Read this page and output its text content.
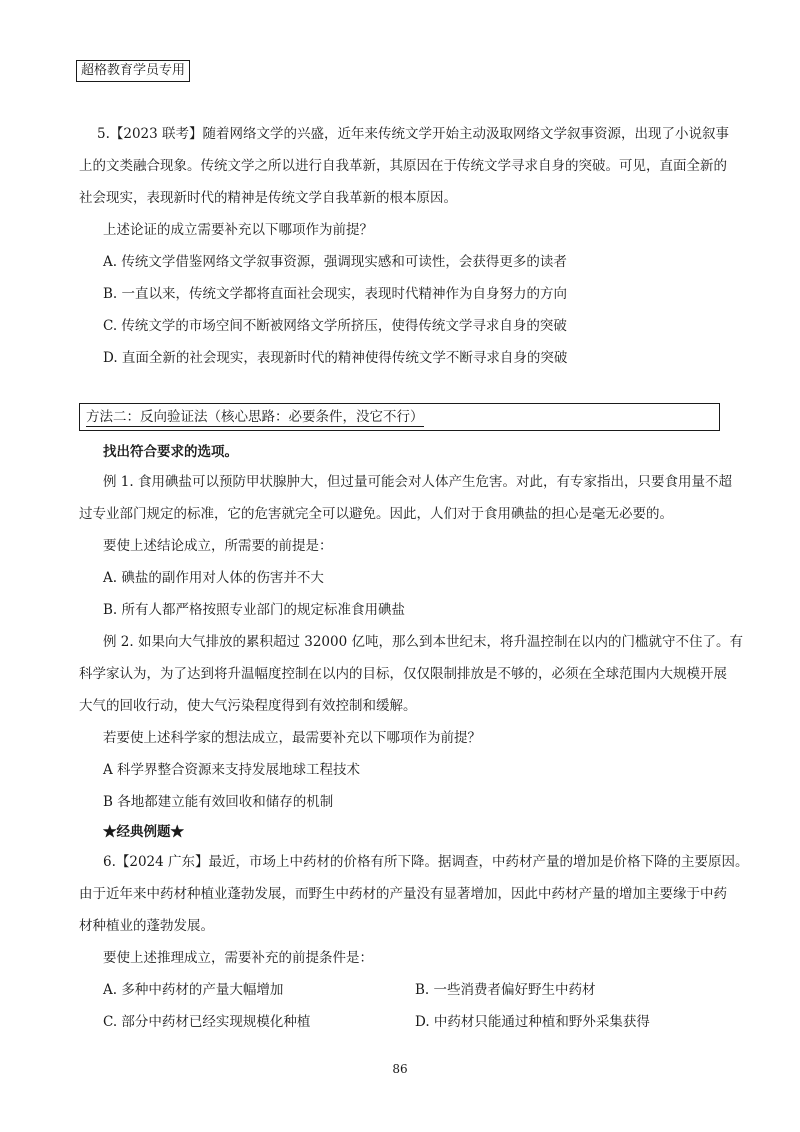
超格教育学员专用
5.【2023 联考】随着网络文学的兴盛，近年来传统文学开始主动汲取网络文学叙事资源，出现了小说叙事
上的文类融合现象。传统文学之所以进行自我革新，其原因在于传统文学寻求自身的突破。可见，直面全新的
社会现实，表现新时代的精神是传统文学自我革新的根本原因。
上述论证的成立需要补充以下哪项作为前提？
A. 传统文学借鉴网络文学叙事资源，强调现实感和可读性，会获得更多的读者
B. 一直以来，传统文学都将直面社会现实，表现时代精神作为自身努力的方向
C. 传统文学的市场空间不断被网络文学所挤压，使得传统文学寻求自身的突破
D. 直面全新的社会现实，表现新时代的精神使得传统文学不断寻求自身的突破
方法二：反向验证法（核心思路：必要条件，没它不行）
找出符合要求的选项。
例 1. 食用碘盐可以预防甲状腺肿大，但过量可能会对人体产生危害。对此，有专家指出，只要食用量不超
过专业部门规定的标准，它的危害就完全可以避免。因此，人们对于食用碘盐的担心是毫无必要的。
要使上述结论成立，所需要的前提是：
A. 碘盐的副作用对人体的伤害并不大
B. 所有人都严格按照专业部门的规定标准食用碘盐
例 2. 如果向大气排放的累积超过 32000 亿吨，那么到本世纪末，将升温控制在以内的门槛就守不住了。有
科学家认为，为了达到将升温幅度控制在以内的目标，仅仅限制排放是不够的，必须在全球范围内大规模开展
大气的回收行动，使大气污染程度得到有效控制和缓解。
若要使上述科学家的想法成立，最需要补充以下哪项作为前提？
A 科学界整合资源来支持发展地球工程技术
B 各地都建立能有效回收和储存的机制
★经典例题★
6.【2024 广东】最近，市场上中药材的价格有所下降。据调查，中药材产量的增加是价格下降的主要原因。
由于近年来中药材种植业蓬勃发展，而野生中药材的产量没有显著增加，因此中药材产量的增加主要缘于中药
材种植业的蓬勃发展。
要使上述推理成立，需要补充的前提条件是：
A. 多种中药材的产量大幅增加	B. 一些消费者偏好野生中药材
C. 部分中药材已经实现规模化种植	D. 中药材只能通过种植和野外采集获得
86
